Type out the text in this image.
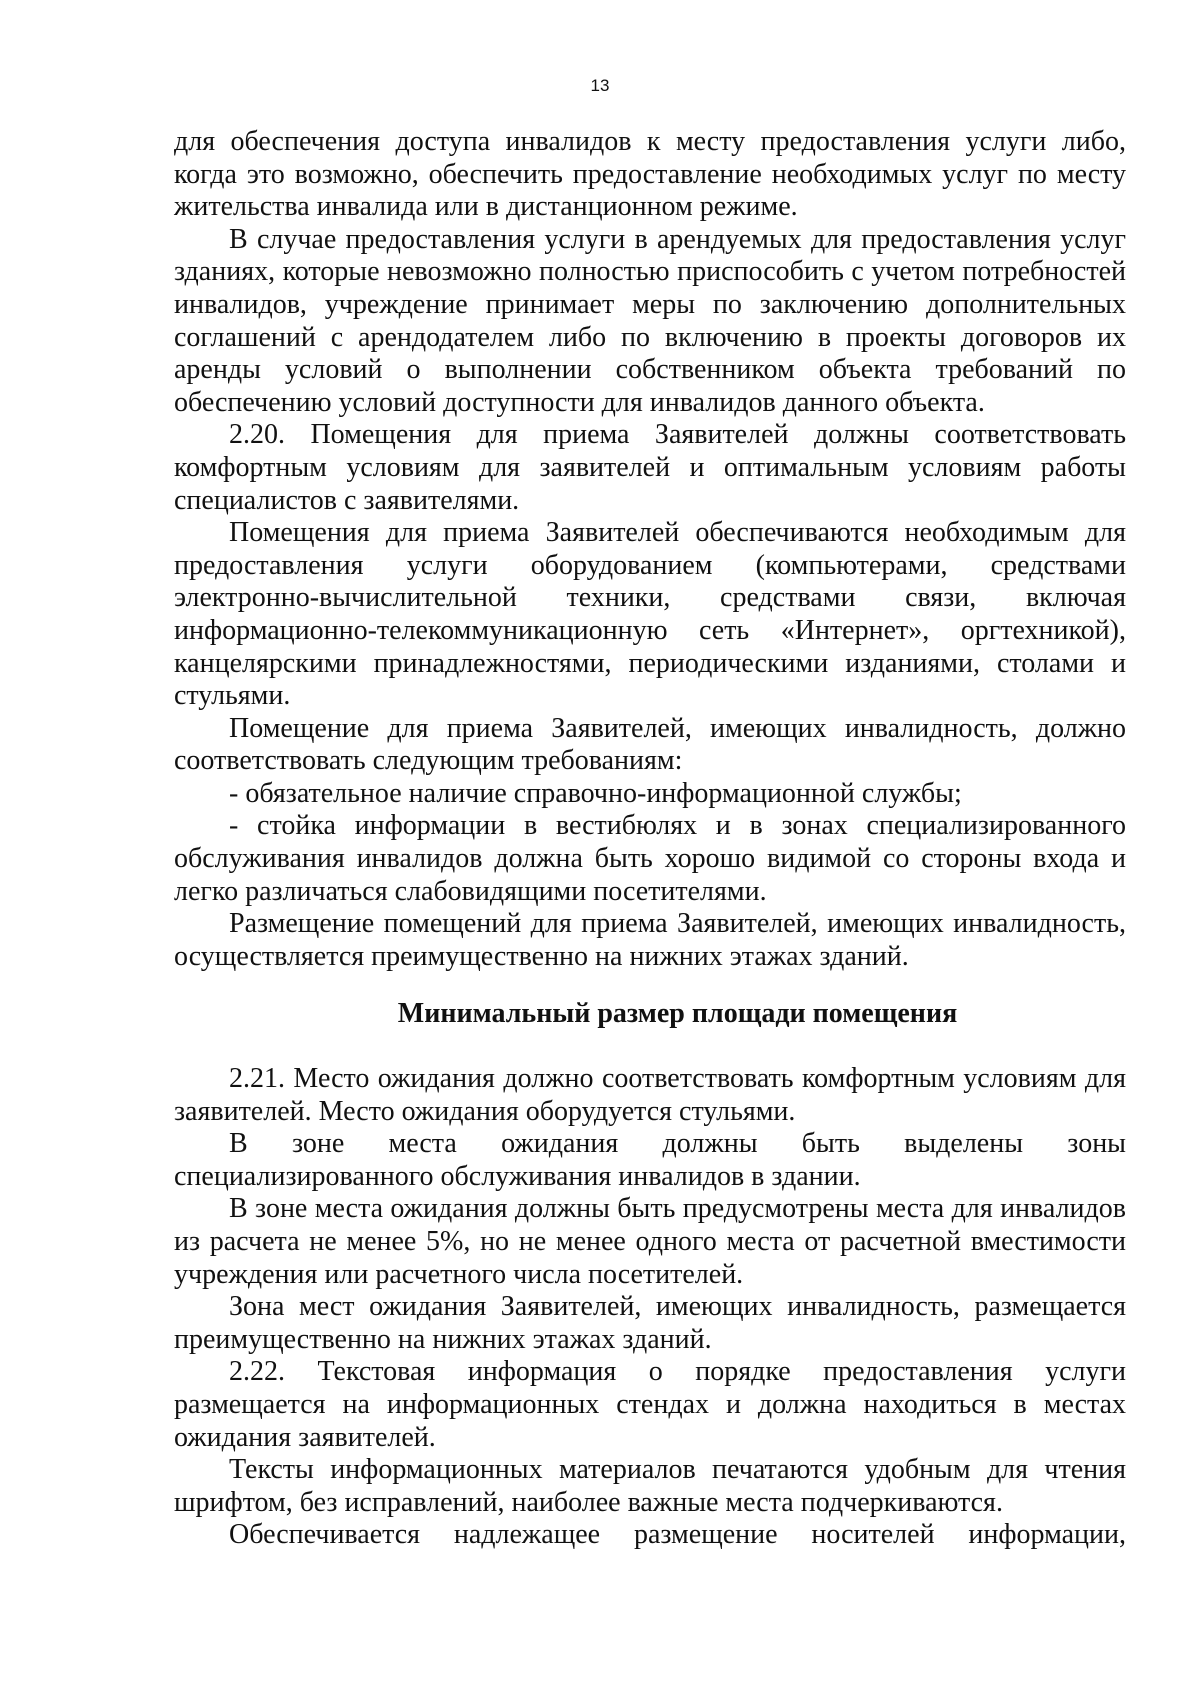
13

для обеспечения доступа инвалидов к месту предоставления услуги либо, когда это возможно, обеспечить предоставление необходимых услуг по месту жительства инвалида или в дистанционном режиме.

В случае предоставления услуги в арендуемых для предоставления услуг зданиях, которые невозможно полностью приспособить с учетом потребностей инвалидов, учреждение принимает меры по заключению дополнительных соглашений с арендодателем либо по включению в проекты договоров их аренды условий о выполнении собственником объекта требований по обеспечению условий доступности для инвалидов данного объекта.

2.20. Помещения для приема Заявителей должны соответствовать комфортным условиям для заявителей и оптимальным условиям работы специалистов с заявителями.

Помещения для приема Заявителей обеспечиваются необходимым для предоставления услуги оборудованием (компьютерами, средствами электронно-вычислительной техники, средствами связи, включая информационно-телекоммуникационную сеть «Интернет», оргтехникой), канцелярскими принадлежностями, периодическими изданиями, столами и стульями.

Помещение для приема Заявителей, имеющих инвалидность, должно соответствовать следующим требованиям:

- обязательное наличие справочно-информационной службы;

- стойка информации в вестибюлях и в зонах специализированного обслуживания инвалидов должна быть хорошо видимой со стороны входа и легко различаться слабовидящими посетителями.

Размещение помещений для приема Заявителей, имеющих инвалидность, осуществляется преимущественно на нижних этажах зданий.

Минимальный размер площади помещения

2.21. Место ожидания должно соответствовать комфортным условиям для заявителей. Место ожидания оборудуется стульями.

В зоне места ожидания должны быть выделены зоны специализированного обслуживания инвалидов в здании.

В зоне места ожидания должны быть предусмотрены места для инвалидов из расчета не менее 5%, но не менее одного места от расчетной вместимости учреждения или расчетного числа посетителей.

Зона мест ожидания Заявителей, имеющих инвалидность, размещается преимущественно на нижних этажах зданий.

2.22. Текстовая информация о порядке предоставления услуги размещается на информационных стендах и должна находиться в местах ожидания заявителей.

Тексты информационных материалов печатаются удобным для чтения шрифтом, без исправлений, наиболее важные места подчеркиваются.

Обеспечивается надлежащее размещение носителей информации,
